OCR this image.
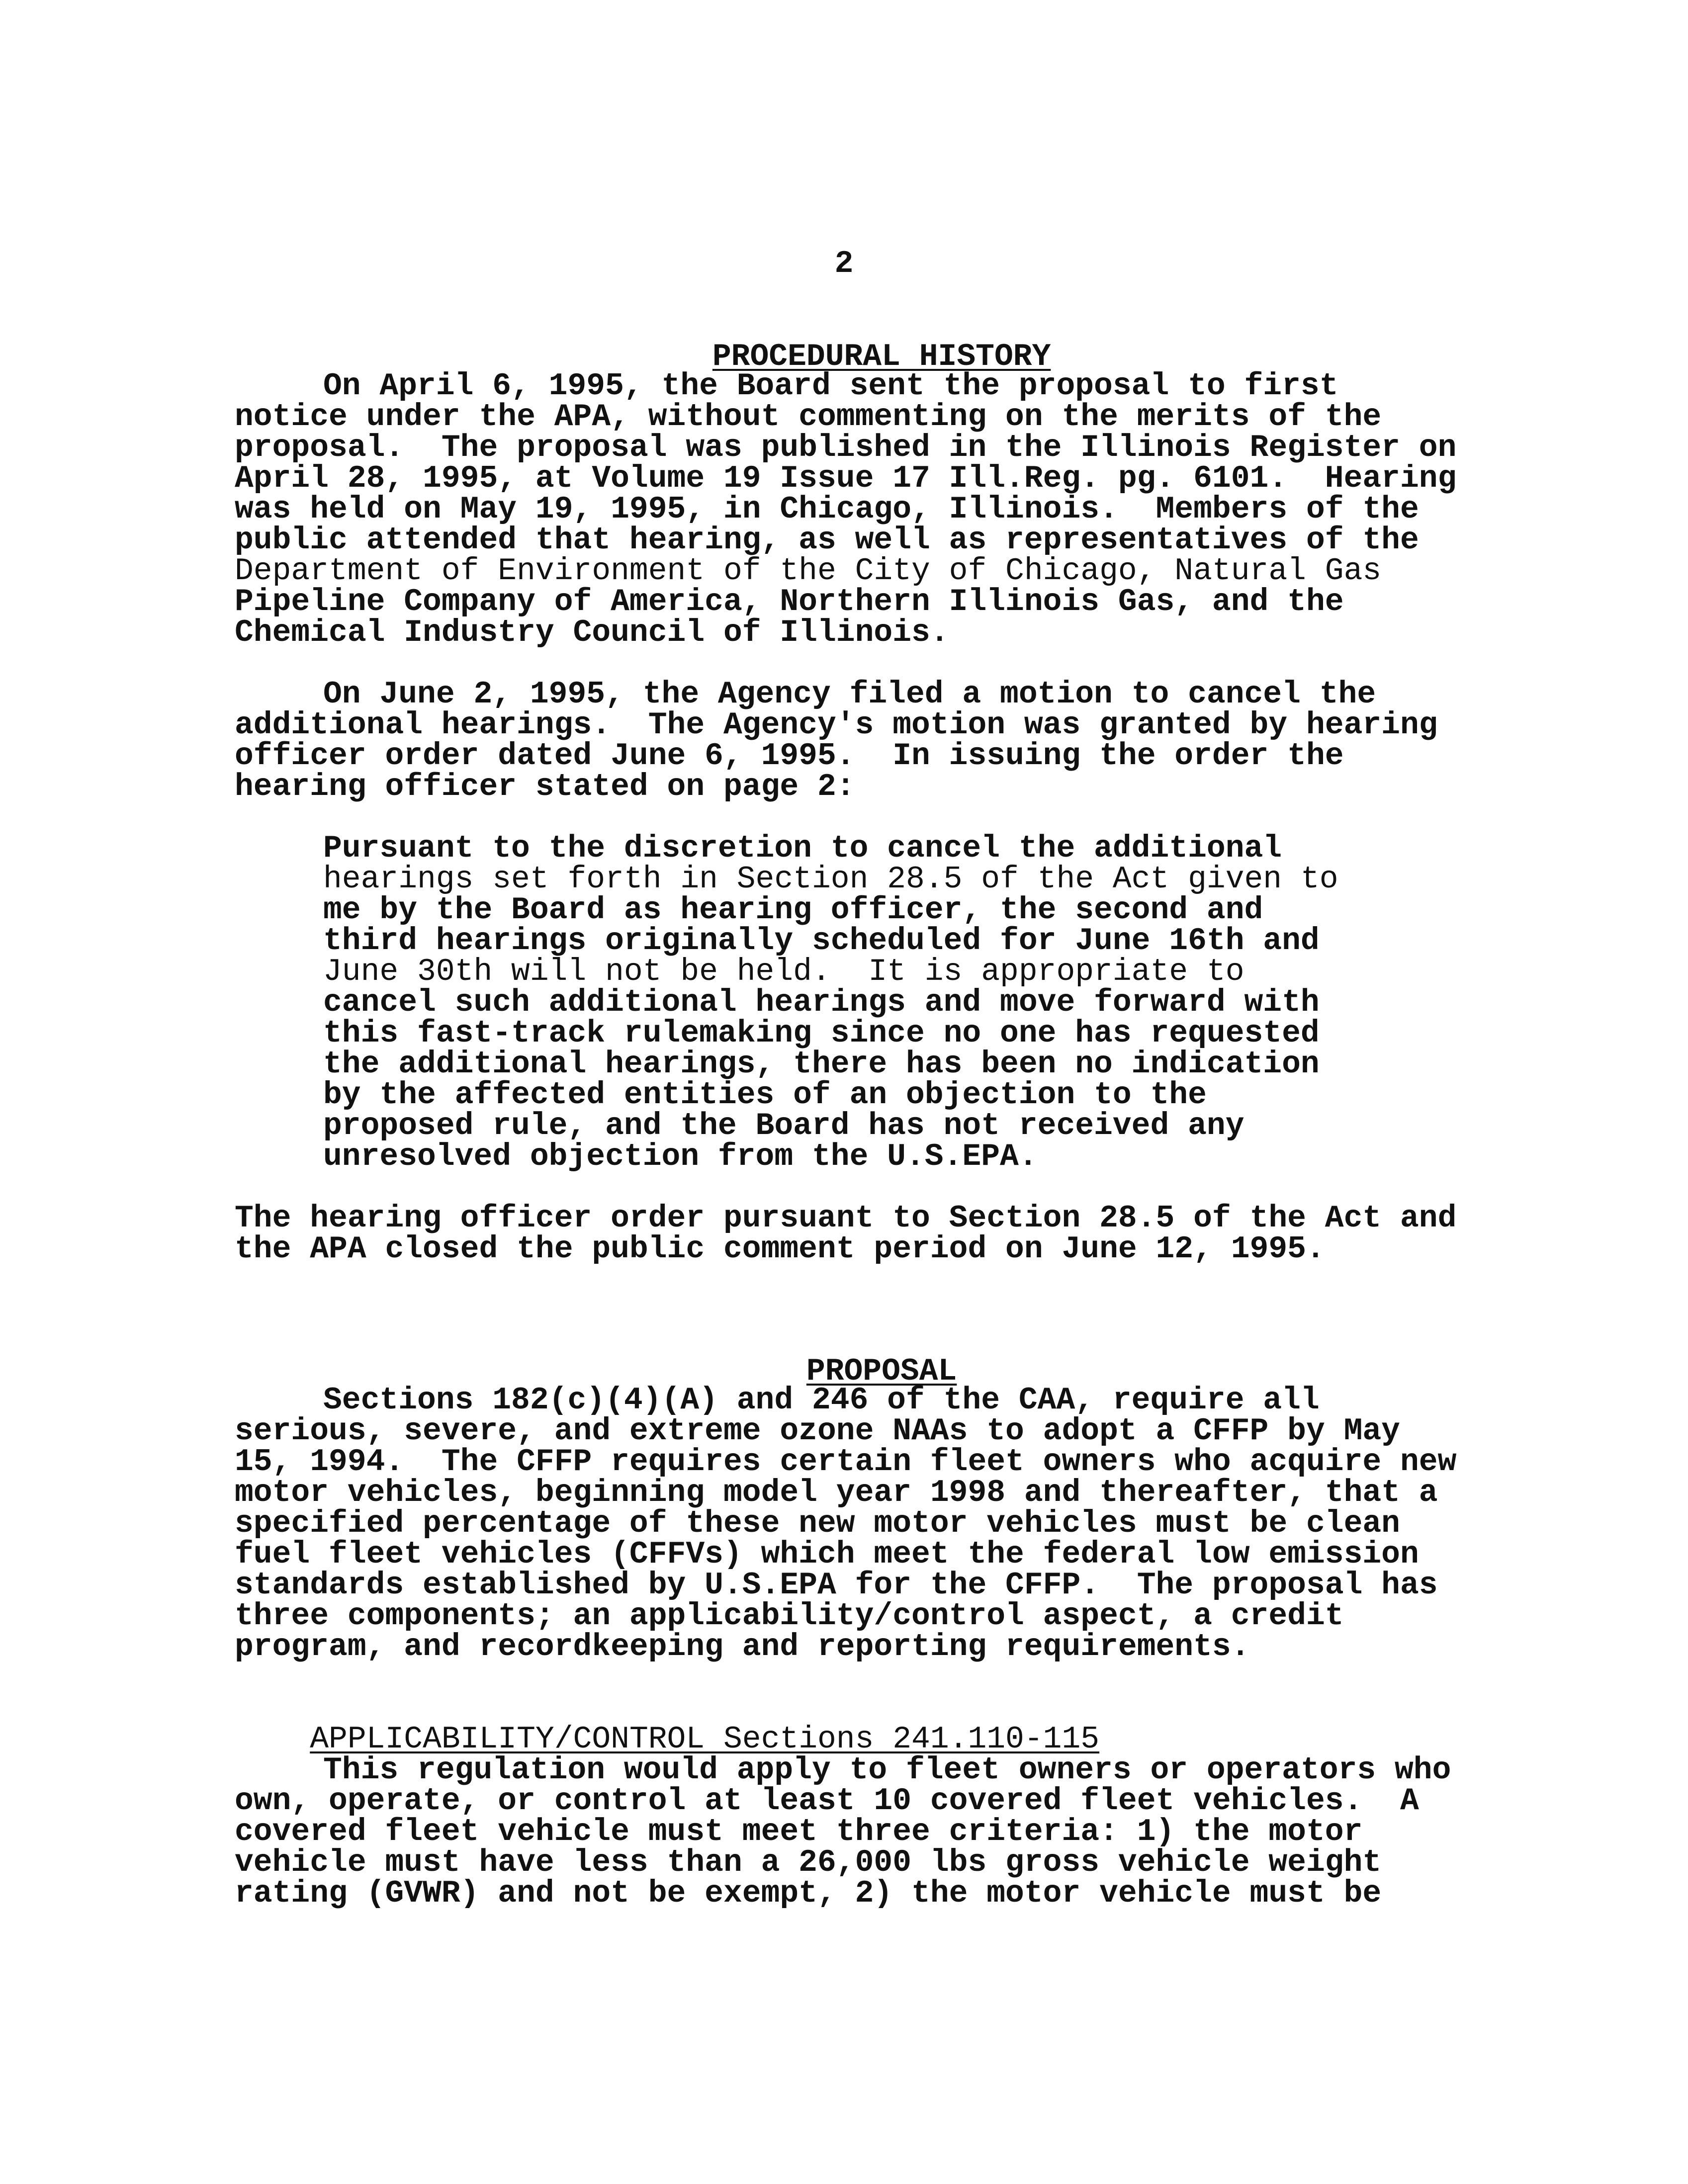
2

PROCEDURAL HISTORY

On April 6, 1995, the Board sent the proposal to first
notice under the APA, without commenting on the merits of the
proposal.  The proposal was published in the Illinois Register on
April 28, 1995, at Volume 19 Issue 17 Ill.Reg. pg. 6101.  Hearing
was held on May 19, 1995, in Chicago, Illinois.  Members of the
public attended that hearing, as well as representatives of the
Department of Environment of the City of Chicago, Natural Gas
Pipeline Company of America, Northern Illinois Gas, and the
Chemical Industry Council of Illinois.
On June 2, 1995, the Agency filed a motion to cancel the
additional hearings.  The Agency's motion was granted by hearing
officer order dated June 6, 1995.  In issuing the order the
hearing officer stated on page 2:
Pursuant to the discretion to cancel the additional
hearings set forth in Section 28.5 of the Act given to
me by the Board as hearing officer, the second and
third hearings originally scheduled for June 16th and
June 30th will not be held.  It is appropriate to
cancel such additional hearings and move forward with
this fast-track rulemaking since no one has requested
the additional hearings, there has been no indication
by the affected entities of an objection to the
proposed rule, and the Board has not received any
unresolved objection from the U.S.EPA.
The hearing officer order pursuant to Section 28.5 of the Act and
the APA closed the public comment period on June 12, 1995.

PROPOSAL

Sections 182(c)(4)(A) and 246 of the CAA, require all
serious, severe, and extreme ozone NAAs to adopt a CFFP by May
15, 1994.  The CFFP requires certain fleet owners who acquire new
motor vehicles, beginning model year 1998 and thereafter, that a
specified percentage of these new motor vehicles must be clean
fuel fleet vehicles (CFFVs) which meet the federal low emission
standards established by U.S.EPA for the CFFP.  The proposal has
three components; an applicability/control aspect, a credit
program, and recordkeeping and reporting requirements.

APPLICABILITY/CONTROL Sections 241.110-115

This regulation would apply to fleet owners or operators who
own, operate, or control at least 10 covered fleet vehicles.  A
covered fleet vehicle must meet three criteria: 1) the motor
vehicle must have less than a 26,000 lbs gross vehicle weight
rating (GVWR) and not be exempt, 2) the motor vehicle must be
